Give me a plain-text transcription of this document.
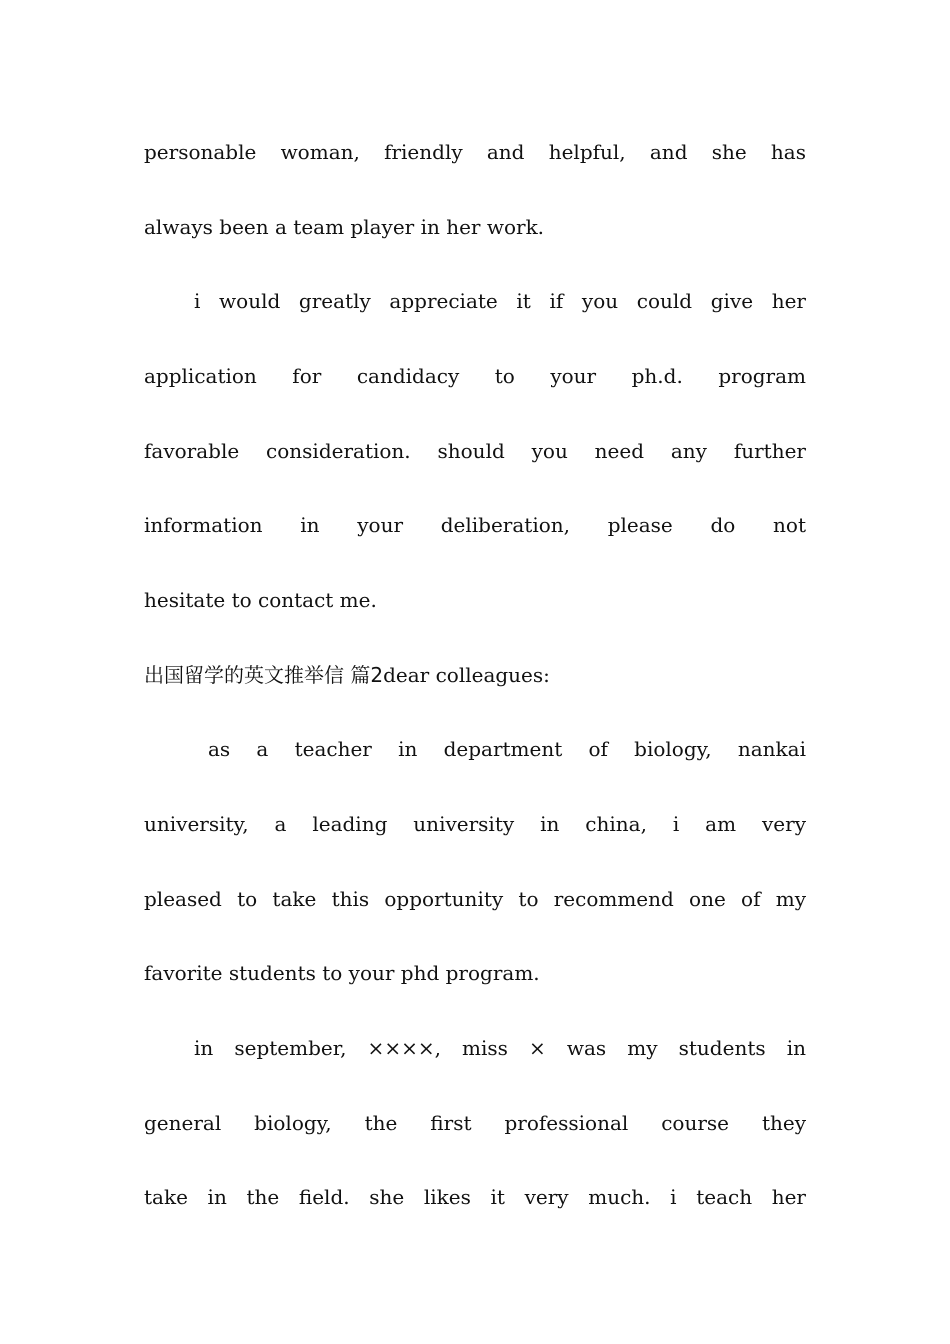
personable woman, friendly and helpful, and she has
always been a team player in her work.
i would greatly appreciate it if you could give her
application for candidacy to your ph.d. program
favorable consideration. should you need any further
information in your deliberation, please do not
hesitate to contact me.
出国留学的英文推举信 篇2dear colleagues:
as a teacher in department of biology, nankai
university, a leading university in china, i am very
pleased to take this opportunity to recommend one of my
favorite students to your phd program.
in september, ××××, miss × was my students in
general biology, the first professional course they
take in the field. she likes it very much. i teach her
